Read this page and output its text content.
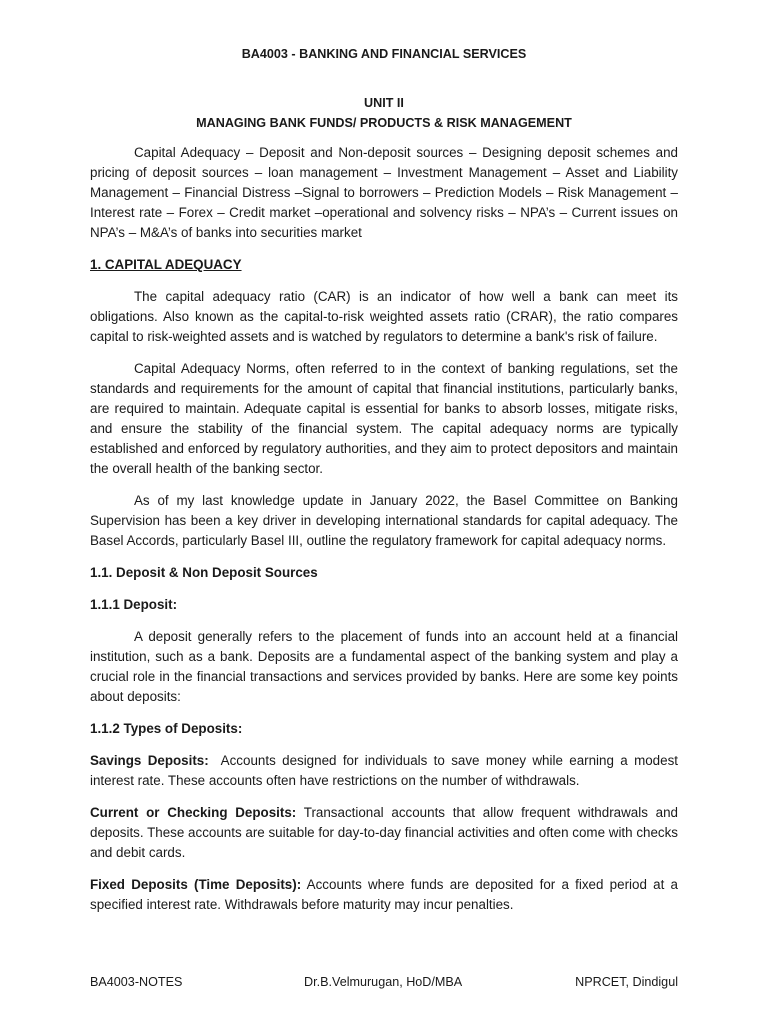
BA4003 - BANKING AND FINANCIAL SERVICES
UNIT II
MANAGING BANK FUNDS/ PRODUCTS & RISK MANAGEMENT

Capital Adequacy – Deposit and Non-deposit sources – Designing deposit schemes and pricing of deposit sources – loan management – Investment Management – Asset and Liability Management – Financial Distress –Signal to borrowers – Prediction Models – Risk Management – Interest rate – Forex – Credit market –operational and solvency risks – NPA’s – Current issues on NPA’s – M&A’s of banks into securities market

1. CAPITAL ADEQUACY

The capital adequacy ratio (CAR) is an indicator of how well a bank can meet its obligations. Also known as the capital-to-risk weighted assets ratio (CRAR), the ratio compares capital to risk-weighted assets and is watched by regulators to determine a bank's risk of failure.

Capital Adequacy Norms, often referred to in the context of banking regulations, set the standards and requirements for the amount of capital that financial institutions, particularly banks, are required to maintain. Adequate capital is essential for banks to absorb losses, mitigate risks, and ensure the stability of the financial system. The capital adequacy norms are typically established and enforced by regulatory authorities, and they aim to protect depositors and maintain the overall health of the banking sector.

As of my last knowledge update in January 2022, the Basel Committee on Banking Supervision has been a key driver in developing international standards for capital adequacy. The Basel Accords, particularly Basel III, outline the regulatory framework for capital adequacy norms.

1.1. Deposit & Non Deposit Sources
1.1.1 Deposit:

A deposit generally refers to the placement of funds into an account held at a financial institution, such as a bank. Deposits are a fundamental aspect of the banking system and play a crucial role in the financial transactions and services provided by banks. Here are some key points about deposits:

1.1.2 Types of Deposits:

Savings Deposits:  Accounts designed for individuals to save money while earning a modest interest rate. These accounts often have restrictions on the number of withdrawals.

Current or Checking Deposits: Transactional accounts that allow frequent withdrawals and deposits. These accounts are suitable for day-to-day financial activities and often come with checks and debit cards.

Fixed Deposits (Time Deposits): Accounts where funds are deposited for a fixed period at a specified interest rate. Withdrawals before maturity may incur penalties.

BA4003-NOTES	Dr.B.Velmurugan, HoD/MBA	NPRCET, Dindigul
